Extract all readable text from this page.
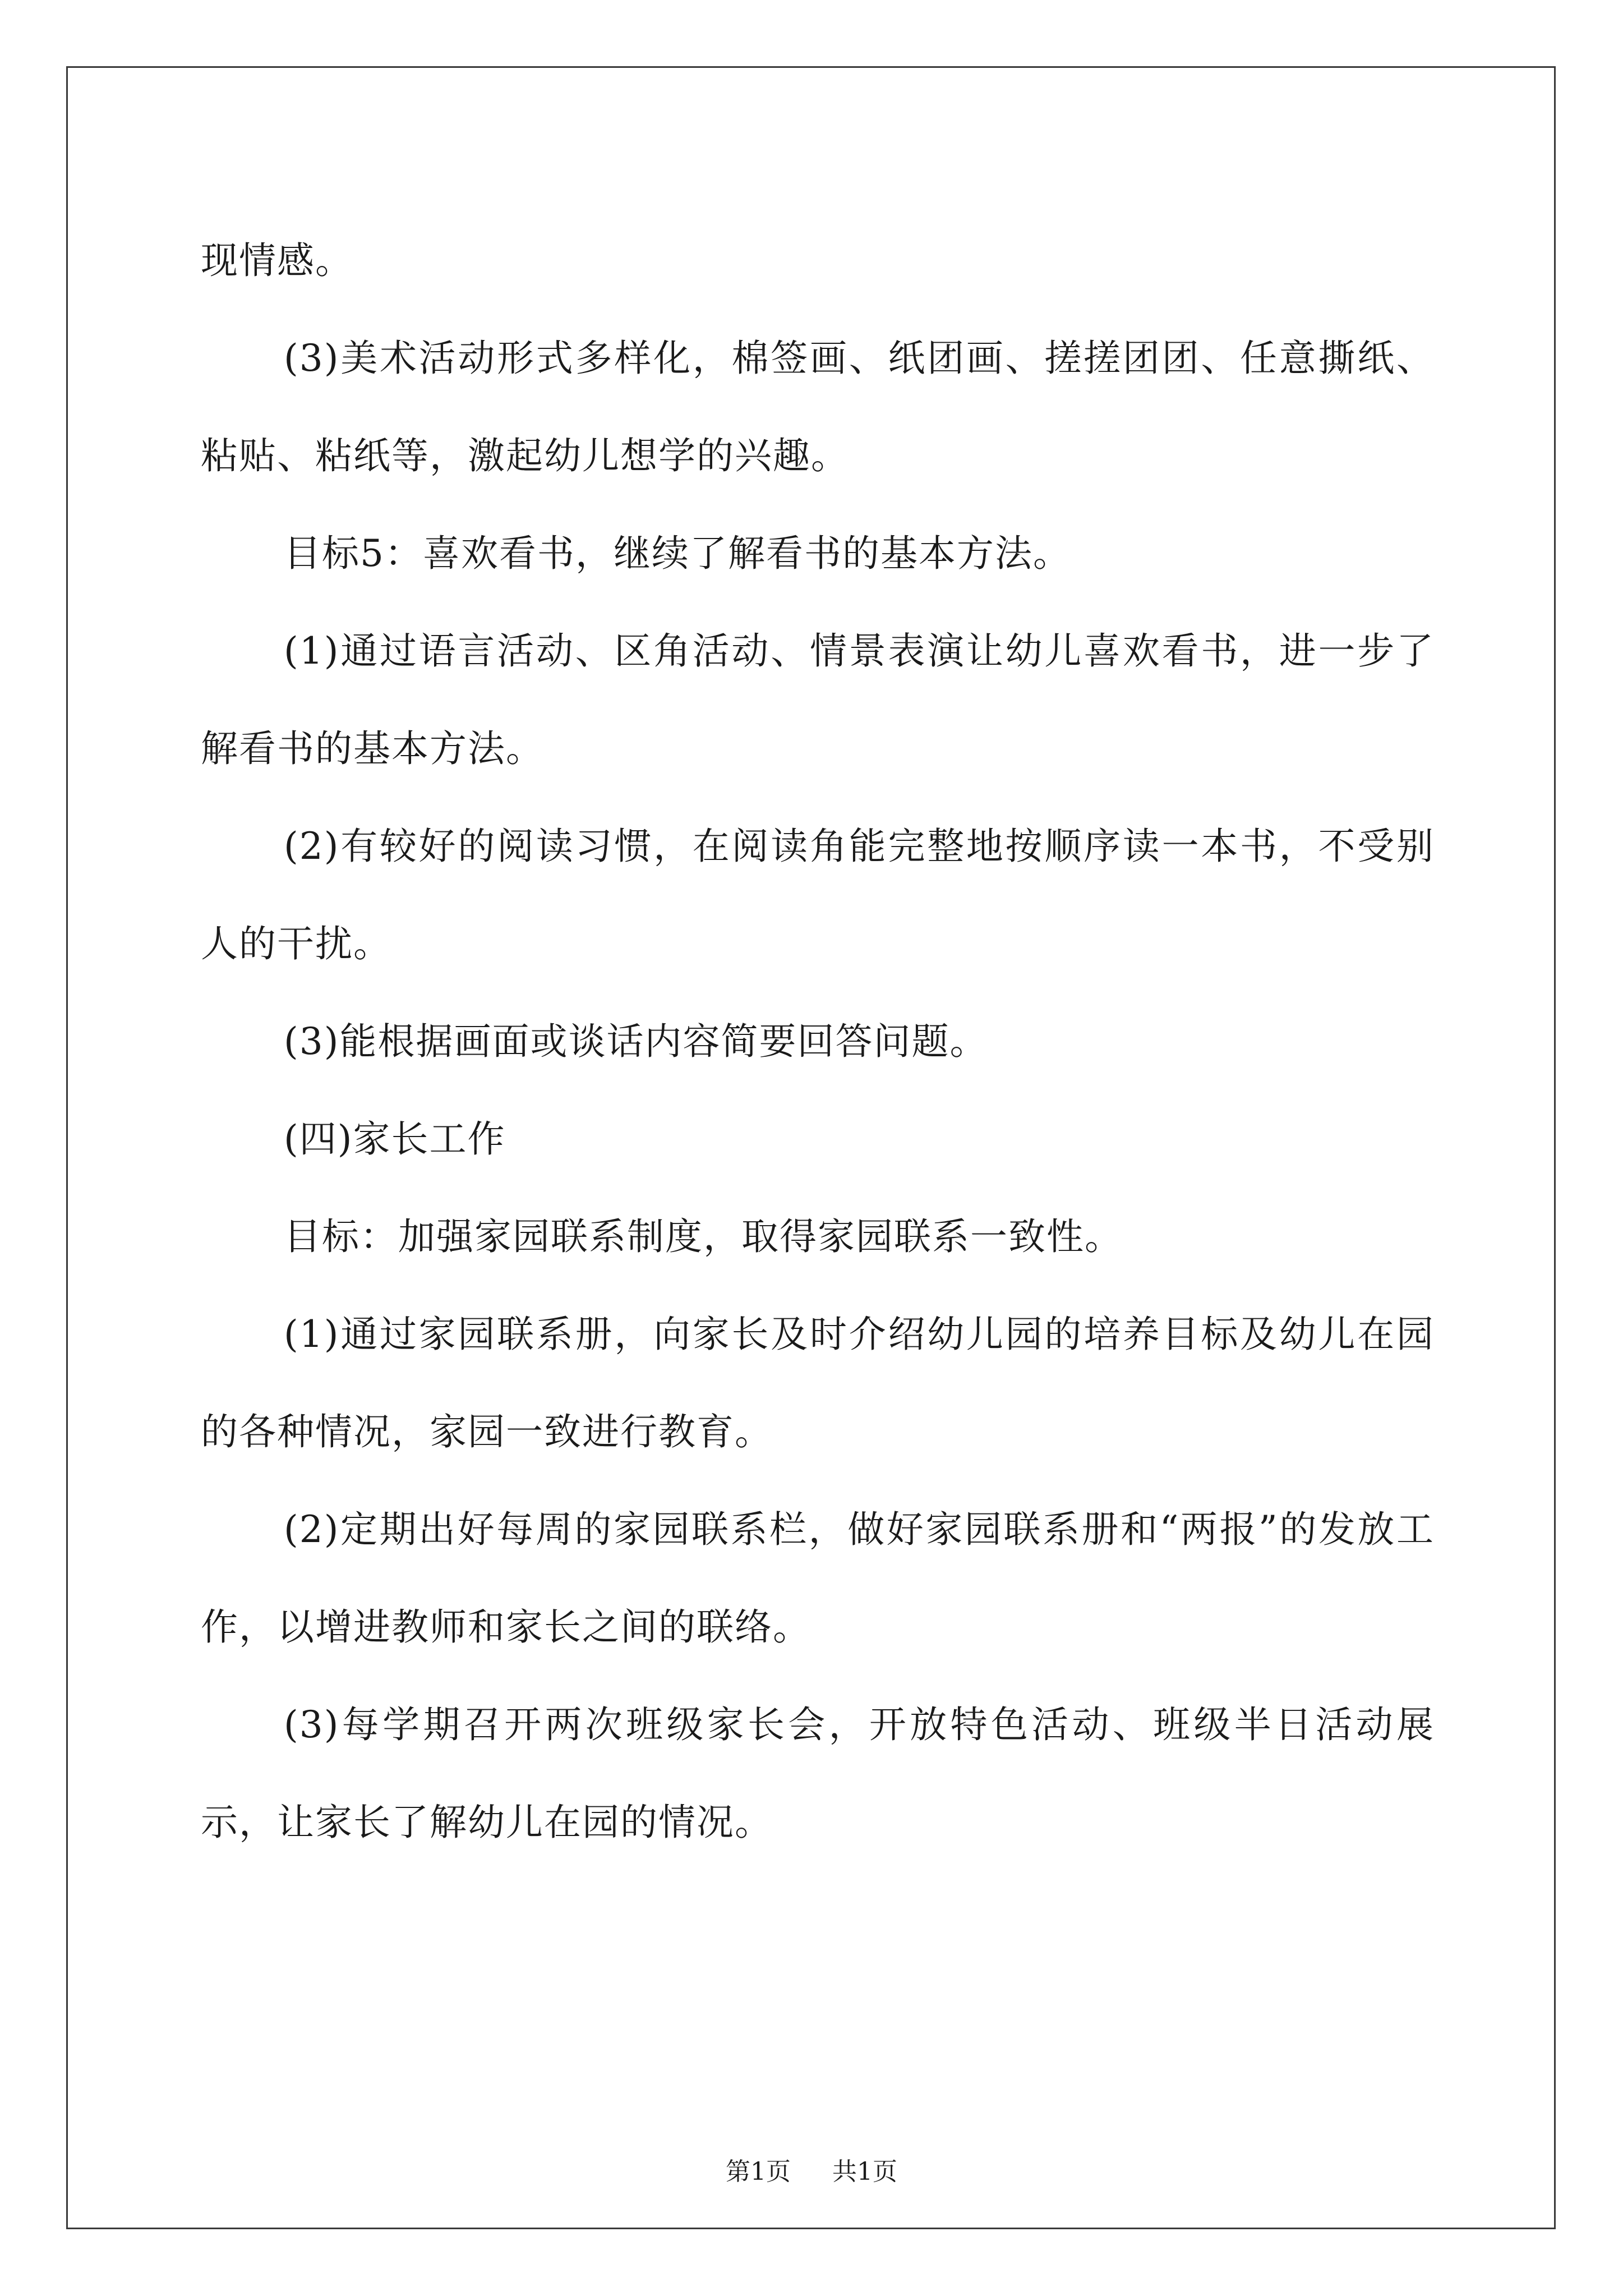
现情感。

(3)美术活动形式多样化，棉签画、纸团画、搓搓团团、任意撕纸、粘贴、粘纸等，激起幼儿想学的兴趣。

目标5：喜欢看书，继续了解看书的基本方法。

(1)通过语言活动、区角活动、情景表演让幼儿喜欢看书，进一步了解看书的基本方法。

(2)有较好的阅读习惯，在阅读角能完整地按顺序读一本书，不受别人的干扰。

(3)能根据画面或谈话内容简要回答问题。

(四)家长工作

目标：加强家园联系制度，取得家园联系一致性。

(1)通过家园联系册，向家长及时介绍幼儿园的培养目标及幼儿在园的各种情况，家园一致进行教育。

(2)定期出好每周的家园联系栏，做好家园联系册和“两报”的发放工作，以增进教师和家长之间的联络。

(3)每学期召开两次班级家长会，开放特色活动、班级半日活动展示，让家长了解幼儿在园的情况。

第1页 共1页
